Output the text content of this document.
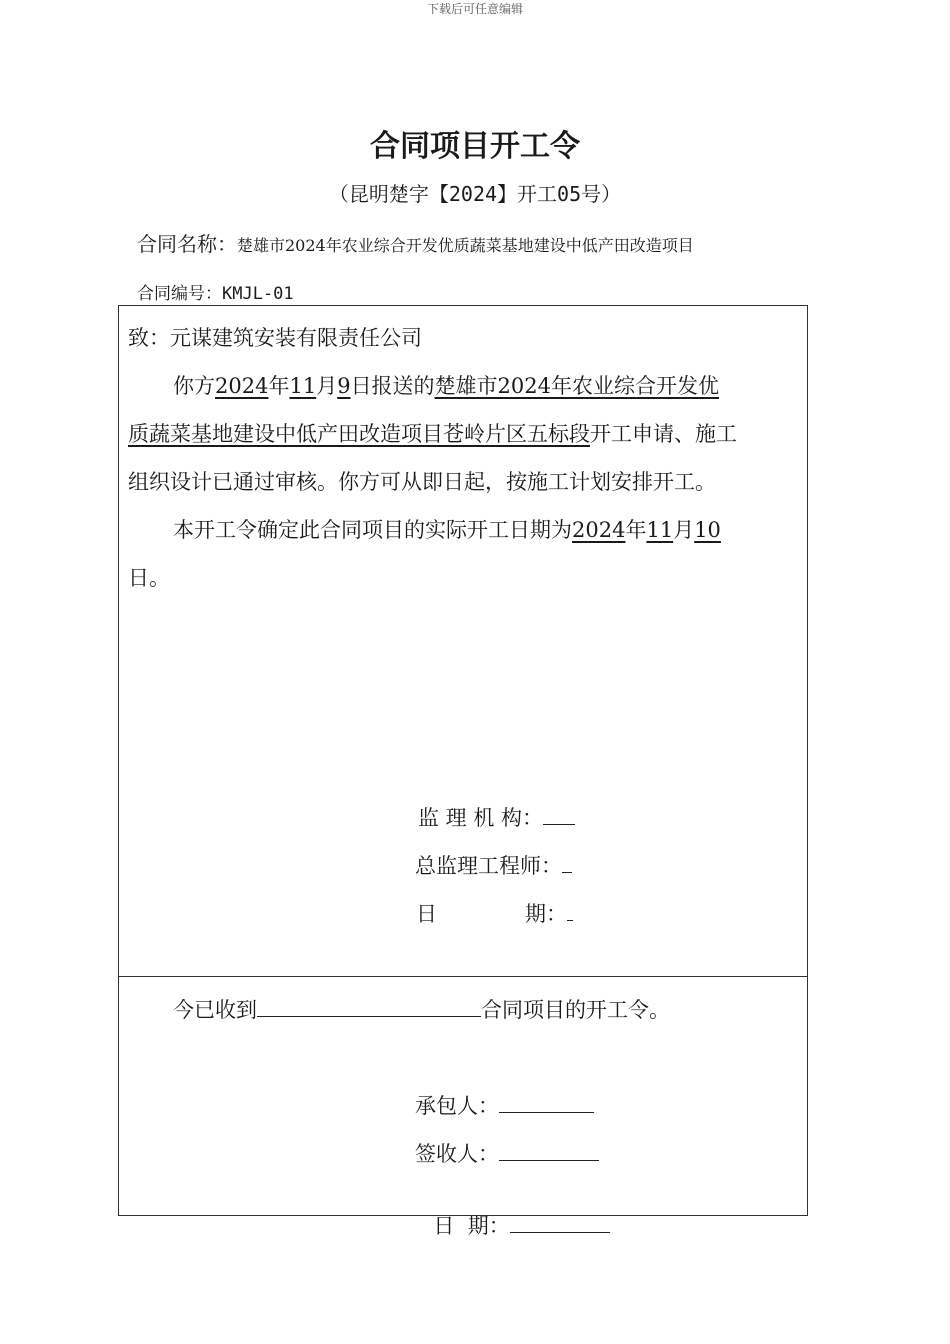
下载后可任意编辑
合同项目开工令
（昆明楚字【2024】开工05号）
合同名称：楚雄市2024年农业综合开发优质蔬菜基地建设中低产田改造项目
合同编号：KMJL-01
致：元谋建筑安装有限责任公司
你方2024年11月9日报送的楚雄市2024年农业综合开发优
质蔬菜基地建设中低产田改造项目苍岭片区五标段开工申请、施工
组织设计已通过审核。你方可从即日起，按施工计划安排开工。
本开工令确定此合同项目的实际开工日期为2024年11月10
日。
监 理 机 构：
总监理工程师：
日	期：
今已收到	合同项目的开工令。
承包人：
签收人：

日  期：
